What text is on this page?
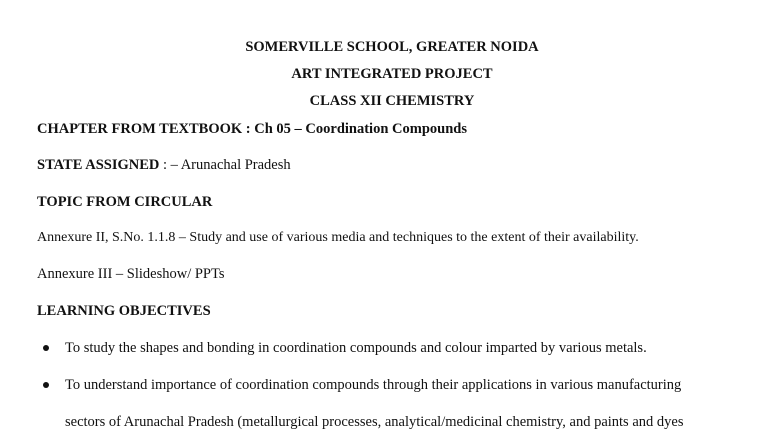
SOMERVILLE SCHOOL, GREATER NOIDA
ART INTEGRATED PROJECT
CLASS XII CHEMISTRY
CHAPTER FROM TEXTBOOK : Ch 05 – Coordination Compounds
STATE ASSIGNED : – Arunachal Pradesh
TOPIC FROM CIRCULAR
Annexure II, S.No. 1.1.8 – Study and use of various media and techniques to the extent of their availability.
Annexure III – Slideshow/ PPTs
LEARNING OBJECTIVES
To study the shapes and bonding in coordination compounds and colour imparted by various metals.
To understand importance of coordination compounds through their applications in various manufacturing
sectors of Arunachal Pradesh (metallurgical processes, analytical/medicinal chemistry, and paints and dyes
